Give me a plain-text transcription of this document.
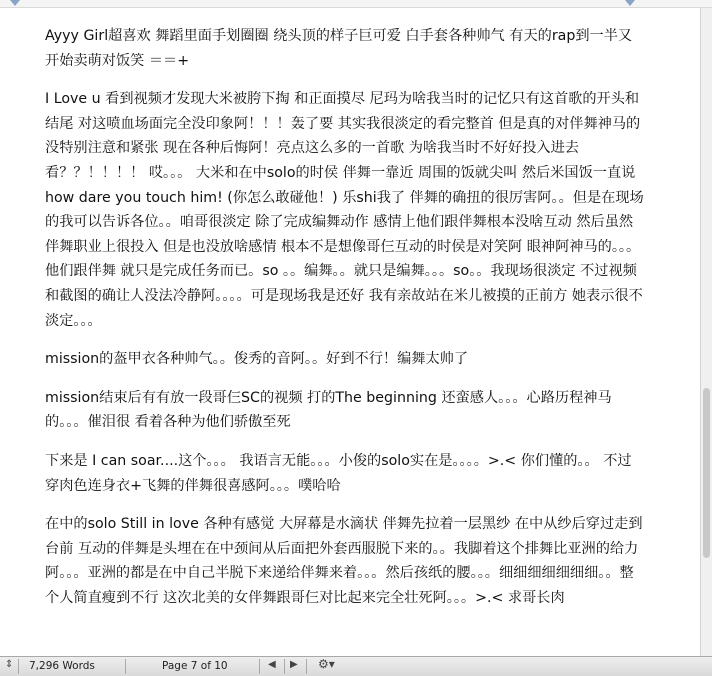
Ayyy Girl超喜欢 舞蹈里面手划圈圈 绕头顶的样子巨可爱 白手套各种帅气 有天的rap到一半又开始卖萌对饭笑 ＝＝+

I Love u 看到视频才发现大米被胯下掏 和正面摸尽 尼玛为啥我当时的记忆只有这首歌的开头和结尾 对这喷血场面完全没印象阿！！！轰了要 其实我很淡定的看完整首 但是真的对伴舞神马的没特别注意和紧张 现在各种后悔阿！亮点这么多的一首歌 为啥我当时不好好投入进去看？？！！！！ 哎。。。 大米和在中solo的时侯 伴舞一靠近 周围的饭就尖叫 然后米国饭一直说 how dare you touch him! (你怎么敢碰他！) 乐shi我了 伴舞的确扭的很厉害阿。。但是在现场的我可以告诉各位。。咱哥很淡定 除了完成编舞动作 感情上他们跟伴舞根本没啥互动 然后虽然伴舞职业上很投入 但是也没放啥感情 根本不是想像哥仨互动的时侯是对笑阿 眼神阿神马的。。。他们跟伴舞 就只是完成任务而已。so 。。编舞。。就只是编舞。。。so。。我现场很淡定 不过视频和截图的确让人没法冷静阿。。。。可是现场我是还好 我有亲故站在米儿被摸的正前方 她表示很不淡定。。。

mission的盔甲衣各种帅气。。俊秀的音阿。。好到不行！编舞太帅了

mission结束后有有放一段哥仨SC的视频 打的The beginning 还蛮感人。。。心路历程神马的。。。催泪很 看着各种为他们骄傲至死

下来是 I can soar....这个。。。 我语言无能。。。小俊的solo实在是。。。。>.< 你们懂的。。 不过穿肉色连身衣+飞舞的伴舞很喜感阿。。。噗哈哈

在中的solo Still in love 各种有感觉 大屏幕是水滴状 伴舞先拉着一层黑纱 在中从纱后穿过走到台前 互动的伴舞是头埋在在中颈间从后面把外套西服脱下来的。。我脚着这个排舞比亚洲的给力阿。。。亚洲的都是在中自己半脱下来递给伴舞来着。。。然后孩纸的腰。。。细细细细细细细。。整个人简直瘦到不行 这次北美的女伴舞跟哥仨对比起来完全壮死阿。。。>.< 求哥长肉

⇕ 7,296 Words	Page 7 of 10	◀ ▶ ⚙▾
